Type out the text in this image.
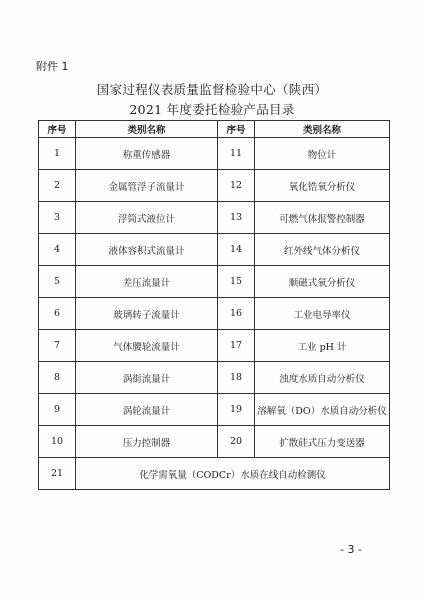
附件 1
国家过程仪表质量监督检验中心（陕西）
2021 年度委托检验产品目录
序号	类别名称	序号	类别名称
1	称重传感器	11	物位计
2	金属管浮子流量计	12	氧化锆氧分析仪
3	浮筒式液位计	13	可燃气体报警控制器
4	液体容积式流量计	14	红外线气体分析仪
5	差压流量计	15	顺磁式氧分析仪
6	玻璃转子流量计	16	工业电导率仪
7	气体腰轮流量计	17	工业 pH 计
8	涡街流量计	18	浊度水质自动分析仪
9	涡轮流量计	19	溶解氧（DO）水质自动分析仪
10	压力控制器	20	扩散硅式压力变送器
21	化学需氧量（CODCr）水质在线自动检测仪		
- 3 -
